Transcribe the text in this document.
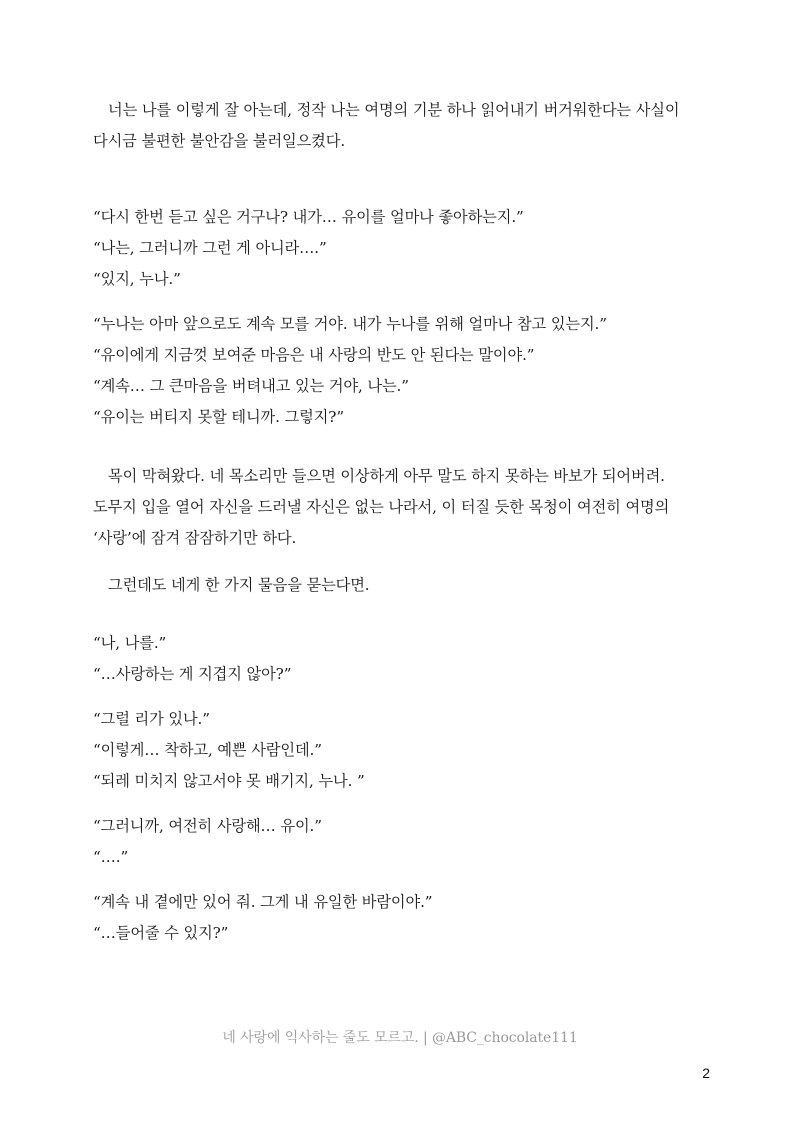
너는 나를 이렇게 잘 아는데, 정작 나는 여명의 기분 하나 읽어내기 버거워한다는 사실이
다시금 불편한 불안감을 불러일으켰다.
“다시 한번 듣고 싶은 거구나? 내가… 유이를 얼마나 좋아하는지.”
“나는, 그러니까 그런 게 아니라….”
“있지, 누나.”
“누나는 아마 앞으로도 계속 모를 거야. 내가 누나를 위해 얼마나 참고 있는지.”
“유이에게 지금껏 보여준 마음은 내 사랑의 반도 안 된다는 말이야.”
“계속… 그 큰마음을 버텨내고 있는 거야, 나는.”
“유이는 버티지 못할 테니까. 그렇지?”
목이 막혀왔다. 네 목소리만 들으면 이상하게 아무 말도 하지 못하는 바보가 되어버려.
도무지 입을 열어 자신을 드러낼 자신은 없는 나라서, 이 터질 듯한 목청이 여전히 여명의
‘사랑’에 잠겨 잠잠하기만 하다.
그런데도 네게 한 가지 물음을 묻는다면.
“나, 나를.”
“…사랑하는 게 지겹지 않아?”
“그럴 리가 있나.”
“이렇게… 착하고, 예쁜 사람인데.”
“되레 미치지 않고서야 못 배기지, 누나. ”
“그러니까, 여전히 사랑해… 유이.”
“….”
“계속 내 곁에만 있어 줘. 그게 내 유일한 바람이야.”
“…들어줄 수 있지?”
네 사랑에 익사하는 줄도 모르고. | @ABC_chocolate111
2
